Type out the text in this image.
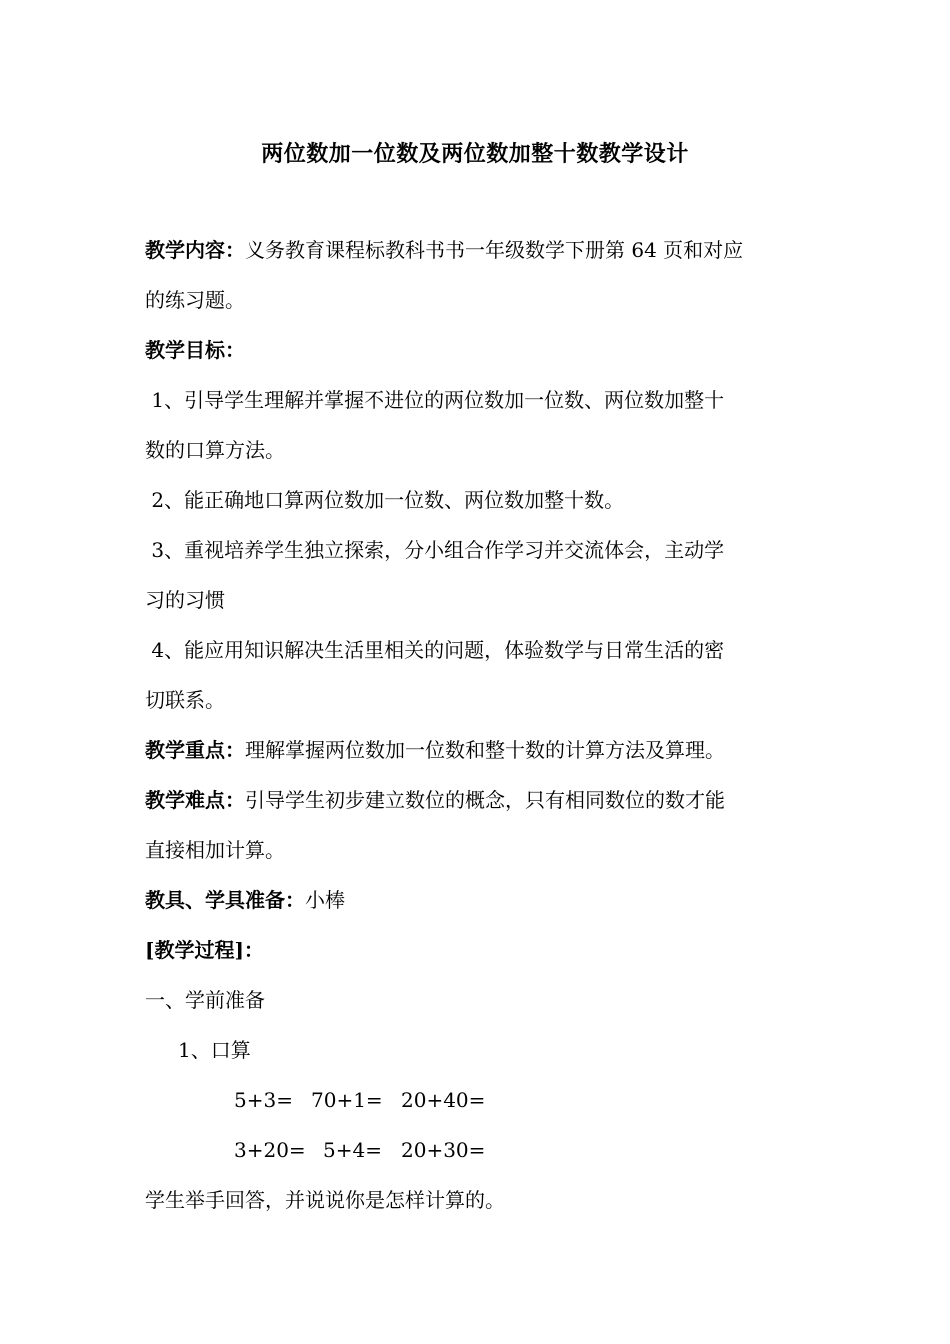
两位数加一位数及两位数加整十数教学设计
教学内容：义务教育课程标教科书书一年级数学下册第 64 页和对应
的练习题。
教学目标：
1、引导学生理解并掌握不进位的两位数加一位数、两位数加整十
数的口算方法。
2、能正确地口算两位数加一位数、两位数加整十数。
3、重视培养学生独立探索，分小组合作学习并交流体会，主动学
习的习惯
4、能应用知识解决生活里相关的问题，体验数学与日常生活的密
切联系。
教学重点：理解掌握两位数加一位数和整十数的计算方法及算理。
教学难点：引导学生初步建立数位的概念，只有相同数位的数才能
直接相加计算。
教具、学具准备：小棒
[教学过程]：
一、学前准备
1、口算
5+3= 70+1= 20+40=
3+20= 5+4= 20+30=
学生举手回答，并说说你是怎样计算的。
